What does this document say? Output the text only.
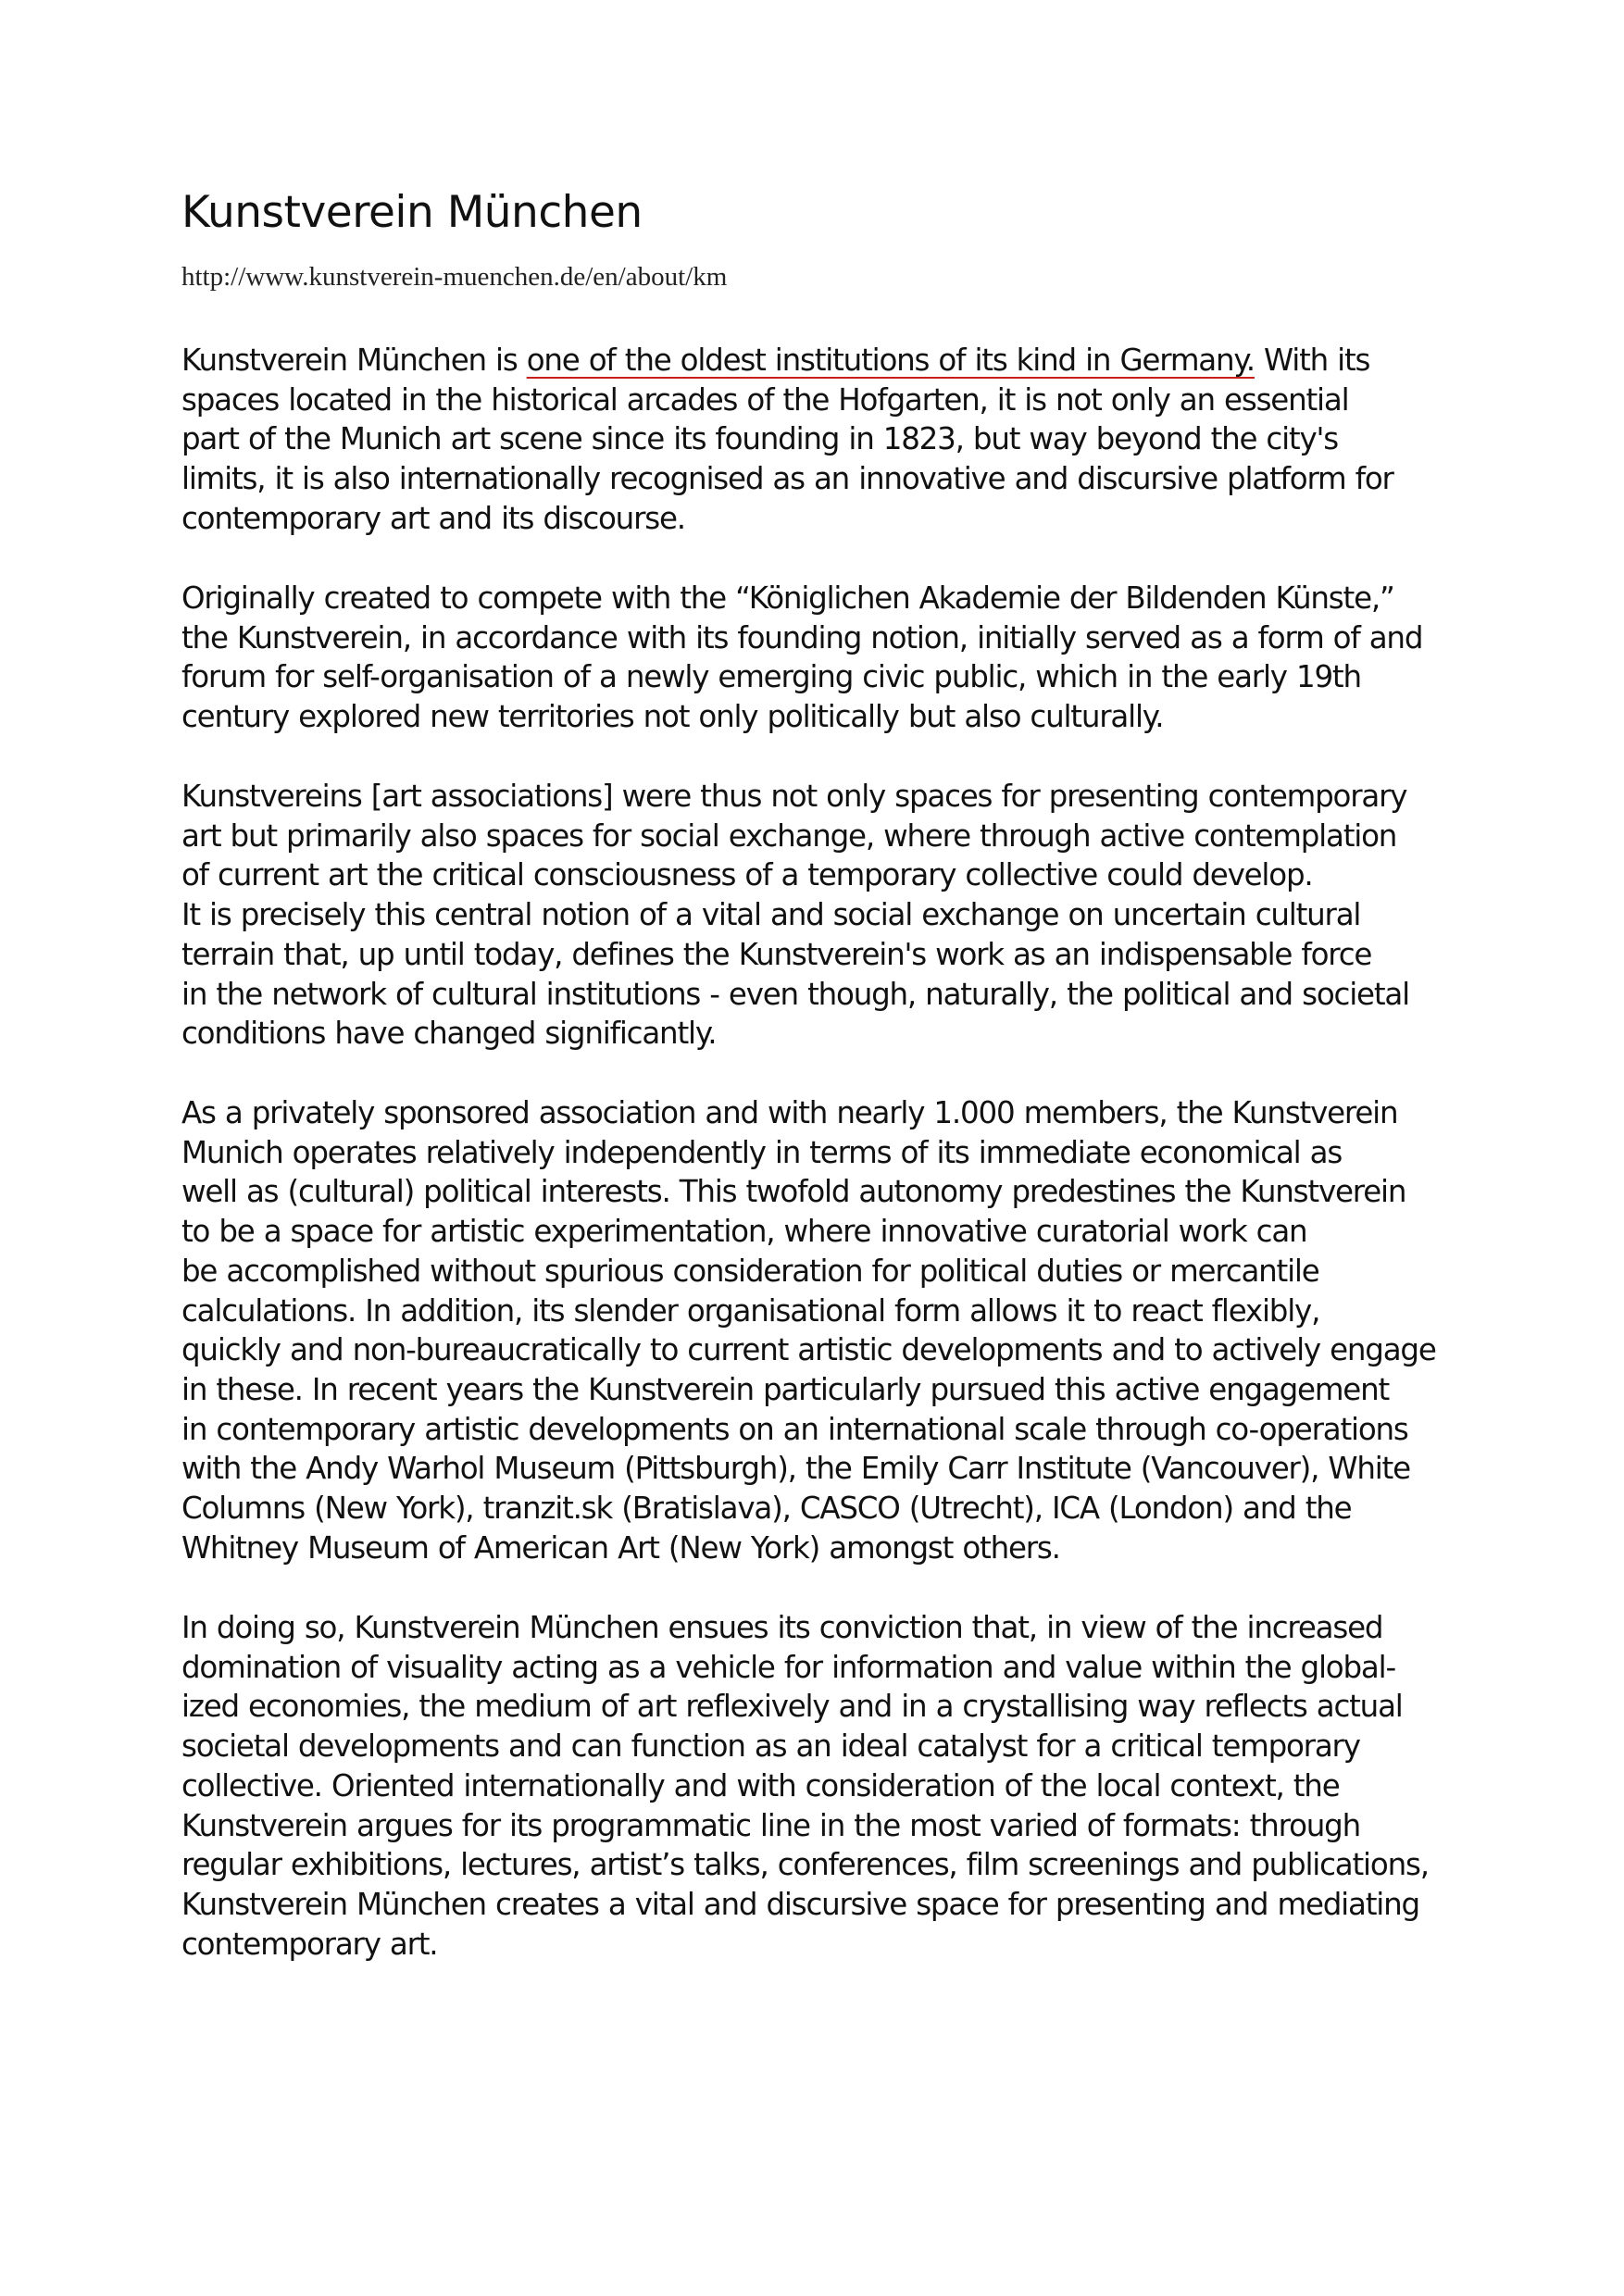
Kunstverein München

http://www.kunstverein-muenchen.de/en/about/km

Kunstverein München is one of the oldest institutions of its kind in Germany. With its
spaces located in the historical arcades of the Hofgarten, it is not only an essential
part of the Munich art scene since its founding in 1823, but way beyond the city's
limits, it is also internationally recognised as an innovative and discursive platform for
contemporary art and its discourse.

Originally created to compete with the “Königlichen Akademie der Bildenden Künste,”
the Kunstverein, in accordance with its founding notion, initially served as a form of and
forum for self-organisation of a newly emerging civic public, which in the early 19th
century explored new territories not only politically but also culturally.

Kunstvereins [art associations] were thus not only spaces for presenting contemporary
art but primarily also spaces for social exchange, where through active contemplation
of current art the critical consciousness of a temporary collective could develop.
It is precisely this central notion of a vital and social exchange on uncertain cultural
terrain that, up until today, defines the Kunstverein's work as an indispensable force
in the network of cultural institutions - even though, naturally, the political and societal
conditions have changed significantly.

As a privately sponsored association and with nearly 1.000 members, the Kunstverein
Munich operates relatively independently in terms of its immediate economical as
well as (cultural) political interests. This twofold autonomy predestines the Kunstverein
to be a space for artistic experimentation, where innovative curatorial work can
be accomplished without spurious consideration for political duties or mercantile
calculations. In addition, its slender organisational form allows it to react flexibly,
quickly and non-bureaucratically to current artistic developments and to actively engage
in these. In recent years the Kunstverein particularly pursued this active engagement
in contemporary artistic developments on an international scale through co-operations
with the Andy Warhol Museum (Pittsburgh), the Emily Carr Institute (Vancouver), White
Columns (New York), tranzit.sk (Bratislava), CASCO (Utrecht), ICA (London) and the
Whitney Museum of American Art (New York) amongst others.

In doing so, Kunstverein München ensues its conviction that, in view of the increased
domination of visuality acting as a vehicle for information and value within the global-
ized economies, the medium of art reflexively and in a crystallising way reflects actual
societal developments and can function as an ideal catalyst for a critical temporary
collective. Oriented internationally and with consideration of the local context, the
Kunstverein argues for its programmatic line in the most varied of formats: through
regular exhibitions, lectures, artist’s talks, conferences, film screenings and publications,
Kunstverein München creates a vital and discursive space for presenting and mediating
contemporary art.
